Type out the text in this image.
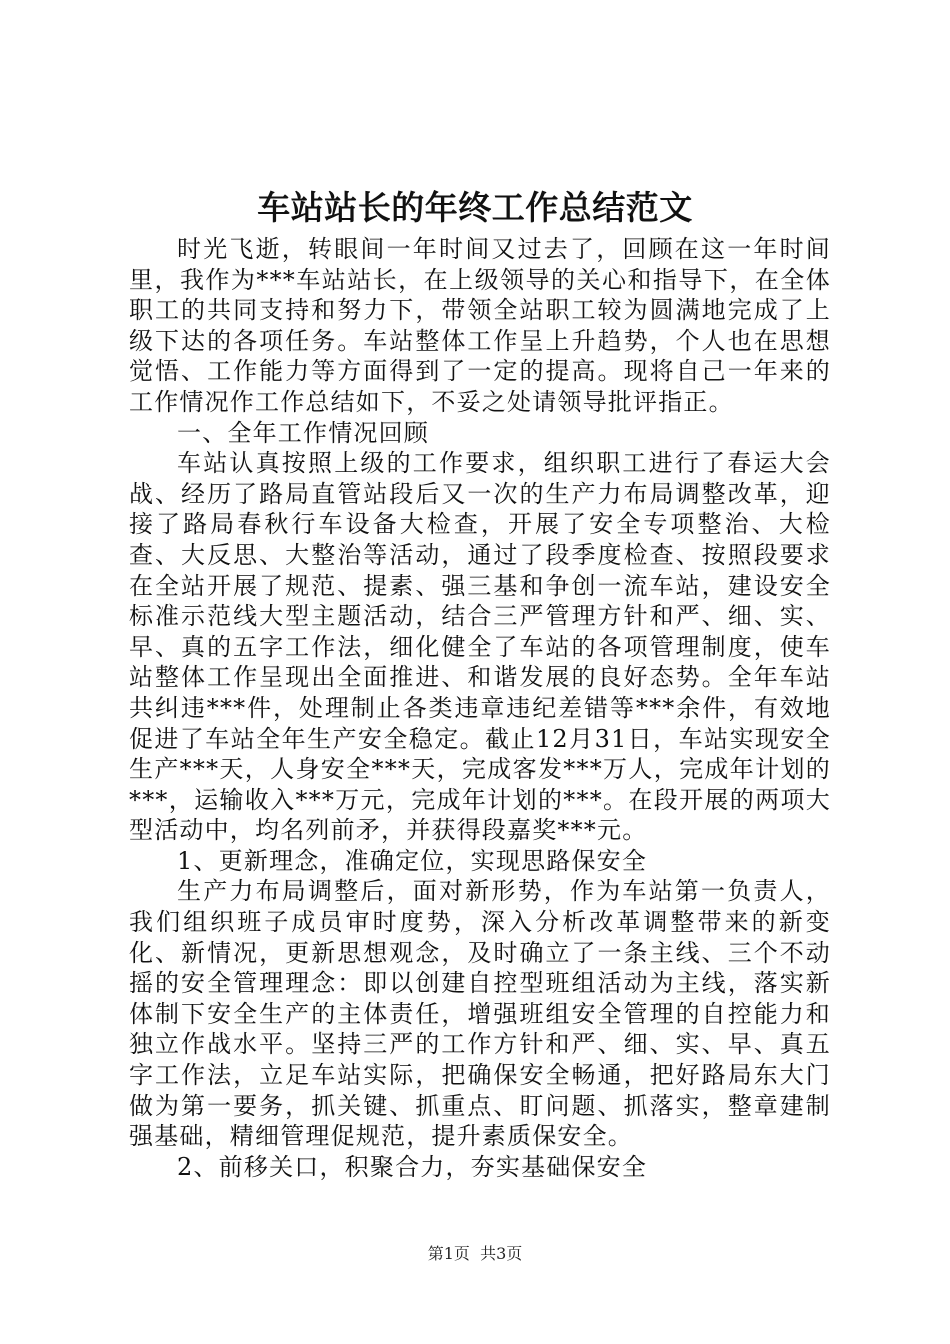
车站站长的年终工作总结范文

时光飞逝，转眼间一年时间又过去了，回顾在这一年时间里，我作为***车站站长，在上级领导的关心和指导下，在全体职工的共同支持和努力下，带领全站职工较为圆满地完成了上级下达的各项任务。车站整体工作呈上升趋势，个人也在思想觉悟、工作能力等方面得到了一定的提高。现将自己一年来的工作情况作工作总结如下，不妥之处请领导批评指正。

一、全年工作情况回顾

车站认真按照上级的工作要求，组织职工进行了春运大会战、经历了路局直管站段后又一次的生产力布局调整改革，迎接了路局春秋行车设备大检查，开展了安全专项整治、大检查、大反思、大整治等活动，通过了段季度检查、按照段要求在全站开展了规范、提素、强三基和争创一流车站，建设安全标准示范线大型主题活动，结合三严管理方针和严、细、实、早、真的五字工作法，细化健全了车站的各项管理制度，使车站整体工作呈现出全面推进、和谐发展的良好态势。全年车站共纠违***件，处理制止各类违章违纪差错等***余件，有效地促进了车站全年生产安全稳定。截止12月31日，车站实现安全生产***天，人身安全***天，完成客发***万人，完成年计划的***，运输收入***万元，完成年计划的***。在段开展的两项大型活动中，均名列前矛，并获得段嘉奖***元。

1、更新理念，准确定位，实现思路保安全

生产力布局调整后，面对新形势，作为车站第一负责人，我们组织班子成员审时度势，深入分析改革调整带来的新变化、新情况，更新思想观念，及时确立了一条主线、三个不动摇的安全管理理念：即以创建自控型班组活动为主线，落实新体制下安全生产的主体责任，增强班组安全管理的自控能力和独立作战水平。坚持三严的工作方针和严、细、实、早、真五字工作法，立足车站实际，把确保安全畅通，把好路局东大门做为第一要务，抓关键、抓重点、盯问题、抓落实，整章建制强基础，精细管理促规范，提升素质保安全。

2、前移关口，积聚合力，夯实基础保安全

第1页 共3页
